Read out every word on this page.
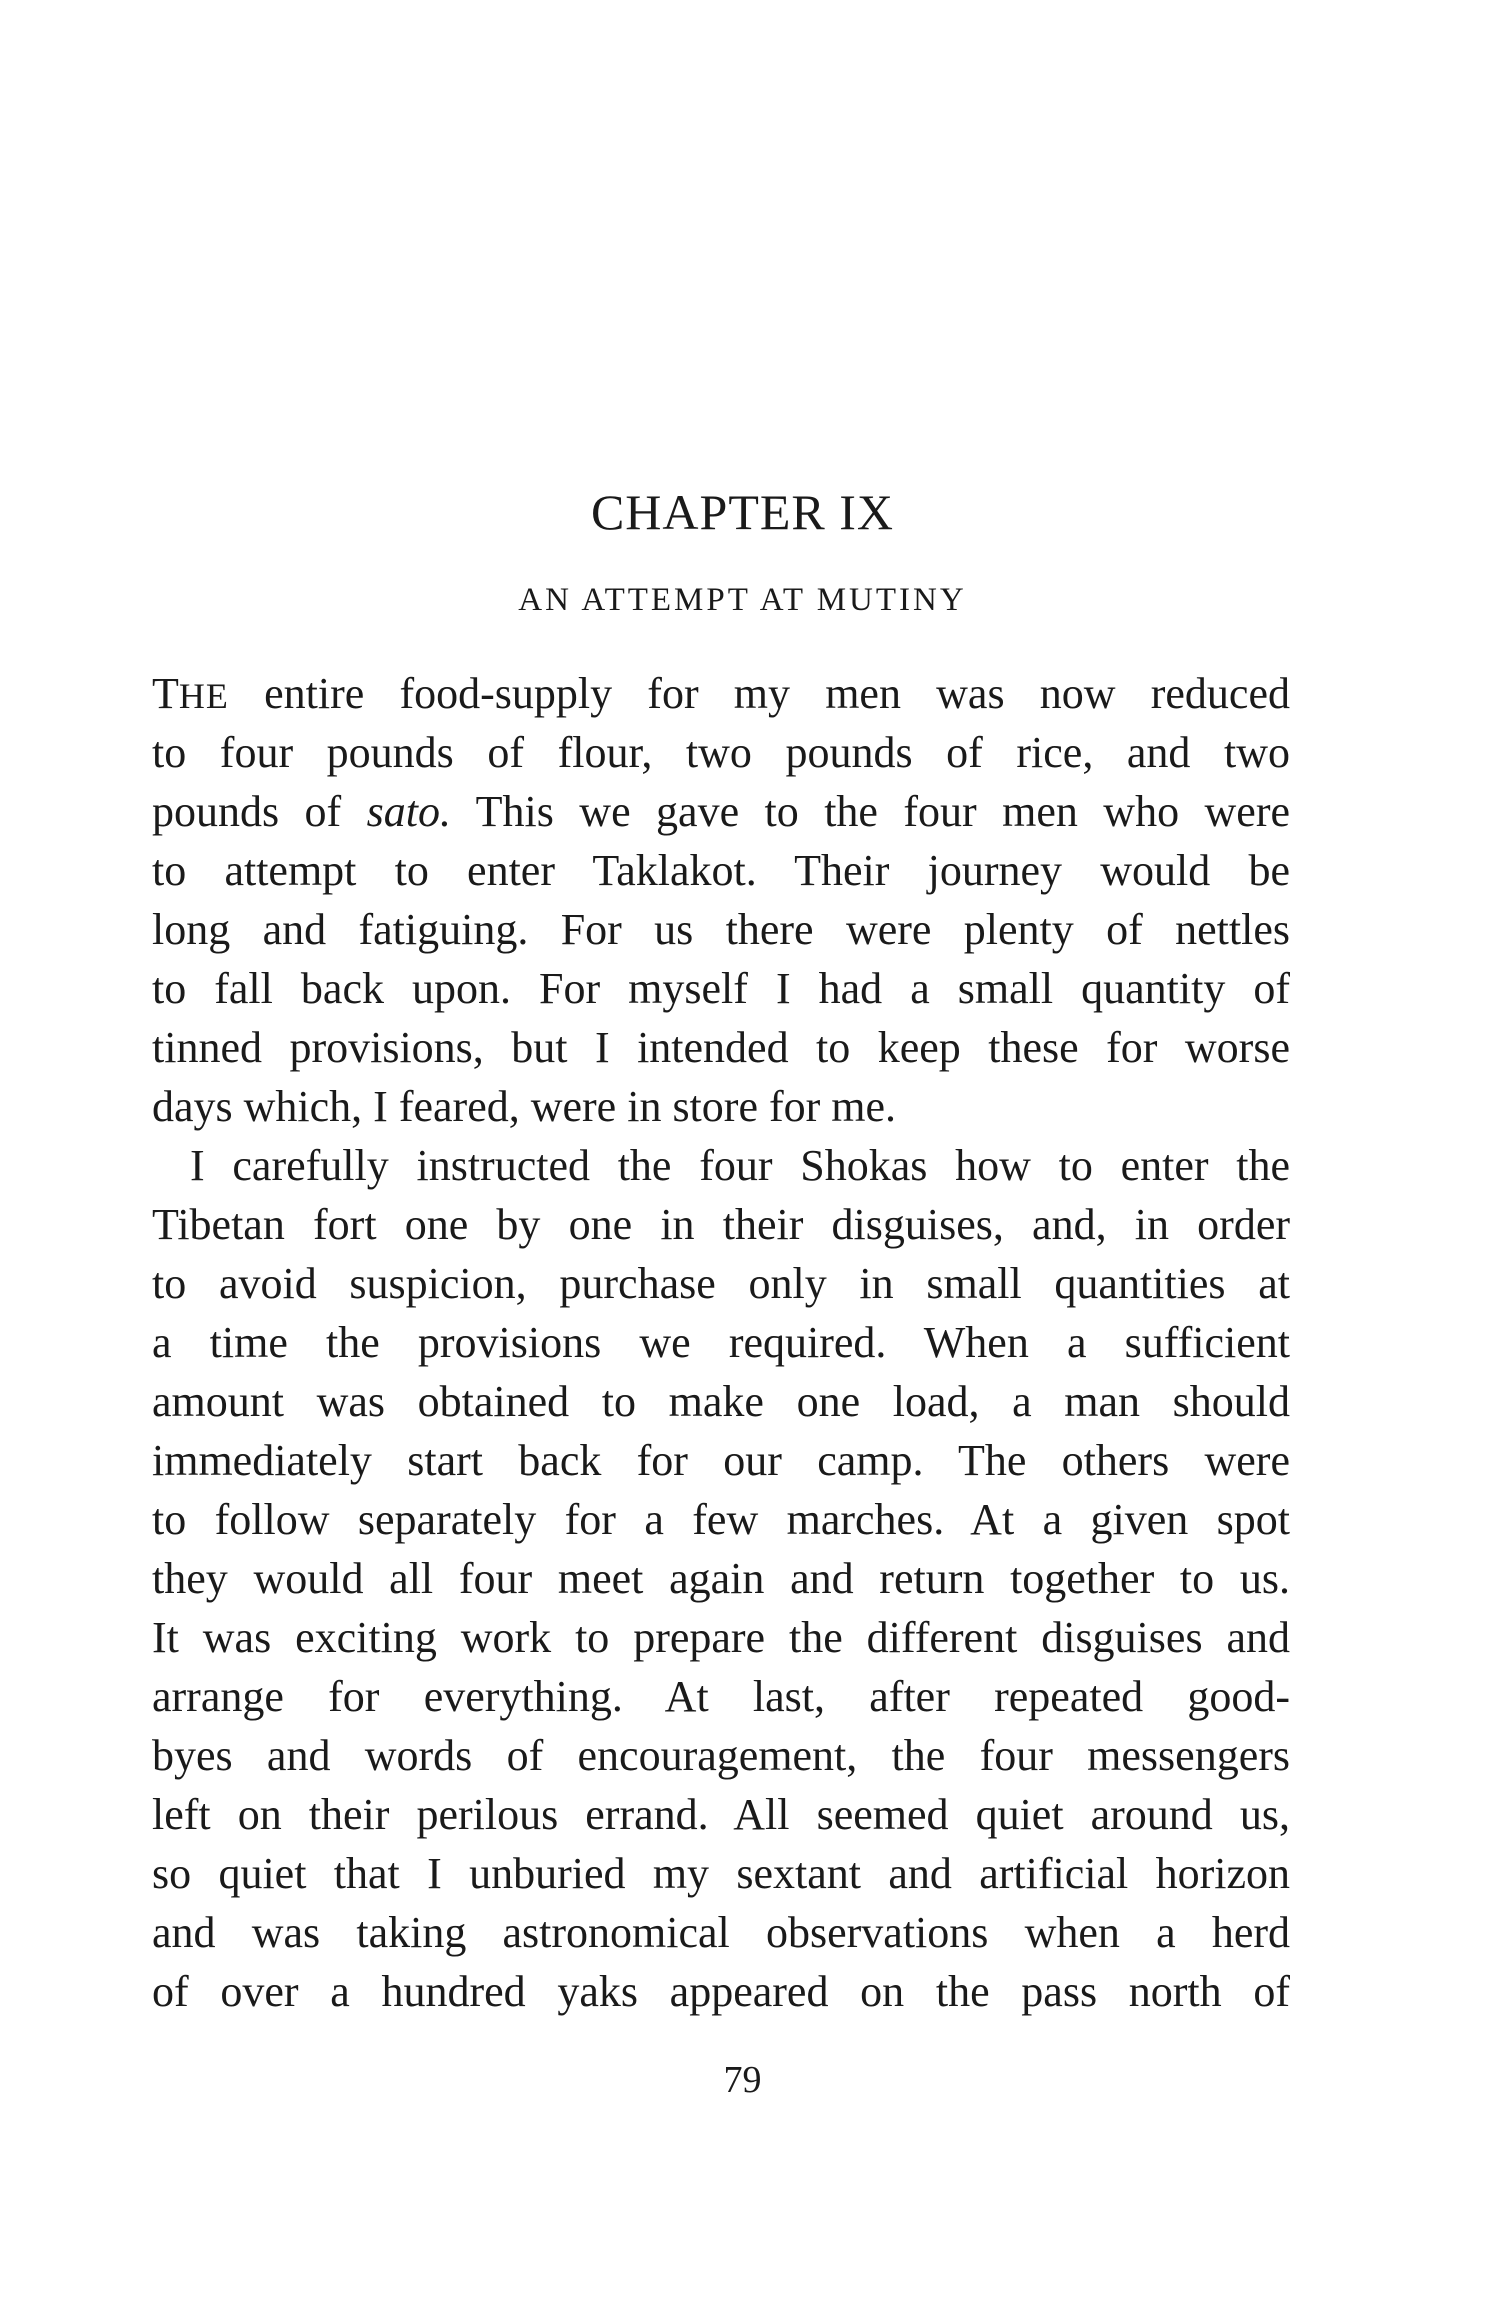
CHAPTER IX
AN ATTEMPT AT MUTINY
THE entire food-supply for my men was now reduced
to four pounds of flour, two pounds of rice, and two
pounds of sato. This we gave to the four men who were
to attempt to enter Taklakot. Their journey would be
long and fatiguing. For us there were plenty of nettles
to fall back upon. For myself I had a small quantity of
tinned provisions, but I intended to keep these for worse
days which, I feared, were in store for me.
I carefully instructed the four Shokas how to enter the
Tibetan fort one by one in their disguises, and, in order
to avoid suspicion, purchase only in small quantities at
a time the provisions we required. When a sufficient
amount was obtained to make one load, a man should
immediately start back for our camp. The others were
to follow separately for a few marches. At a given spot
they would all four meet again and return together to us.
It was exciting work to prepare the different disguises and
arrange for everything. At last, after repeated good-
byes and words of encouragement, the four messengers
left on their perilous errand. All seemed quiet around us,
so quiet that I unburied my sextant and artificial horizon
and was taking astronomical observations when a herd
of over a hundred yaks appeared on the pass north of
79
